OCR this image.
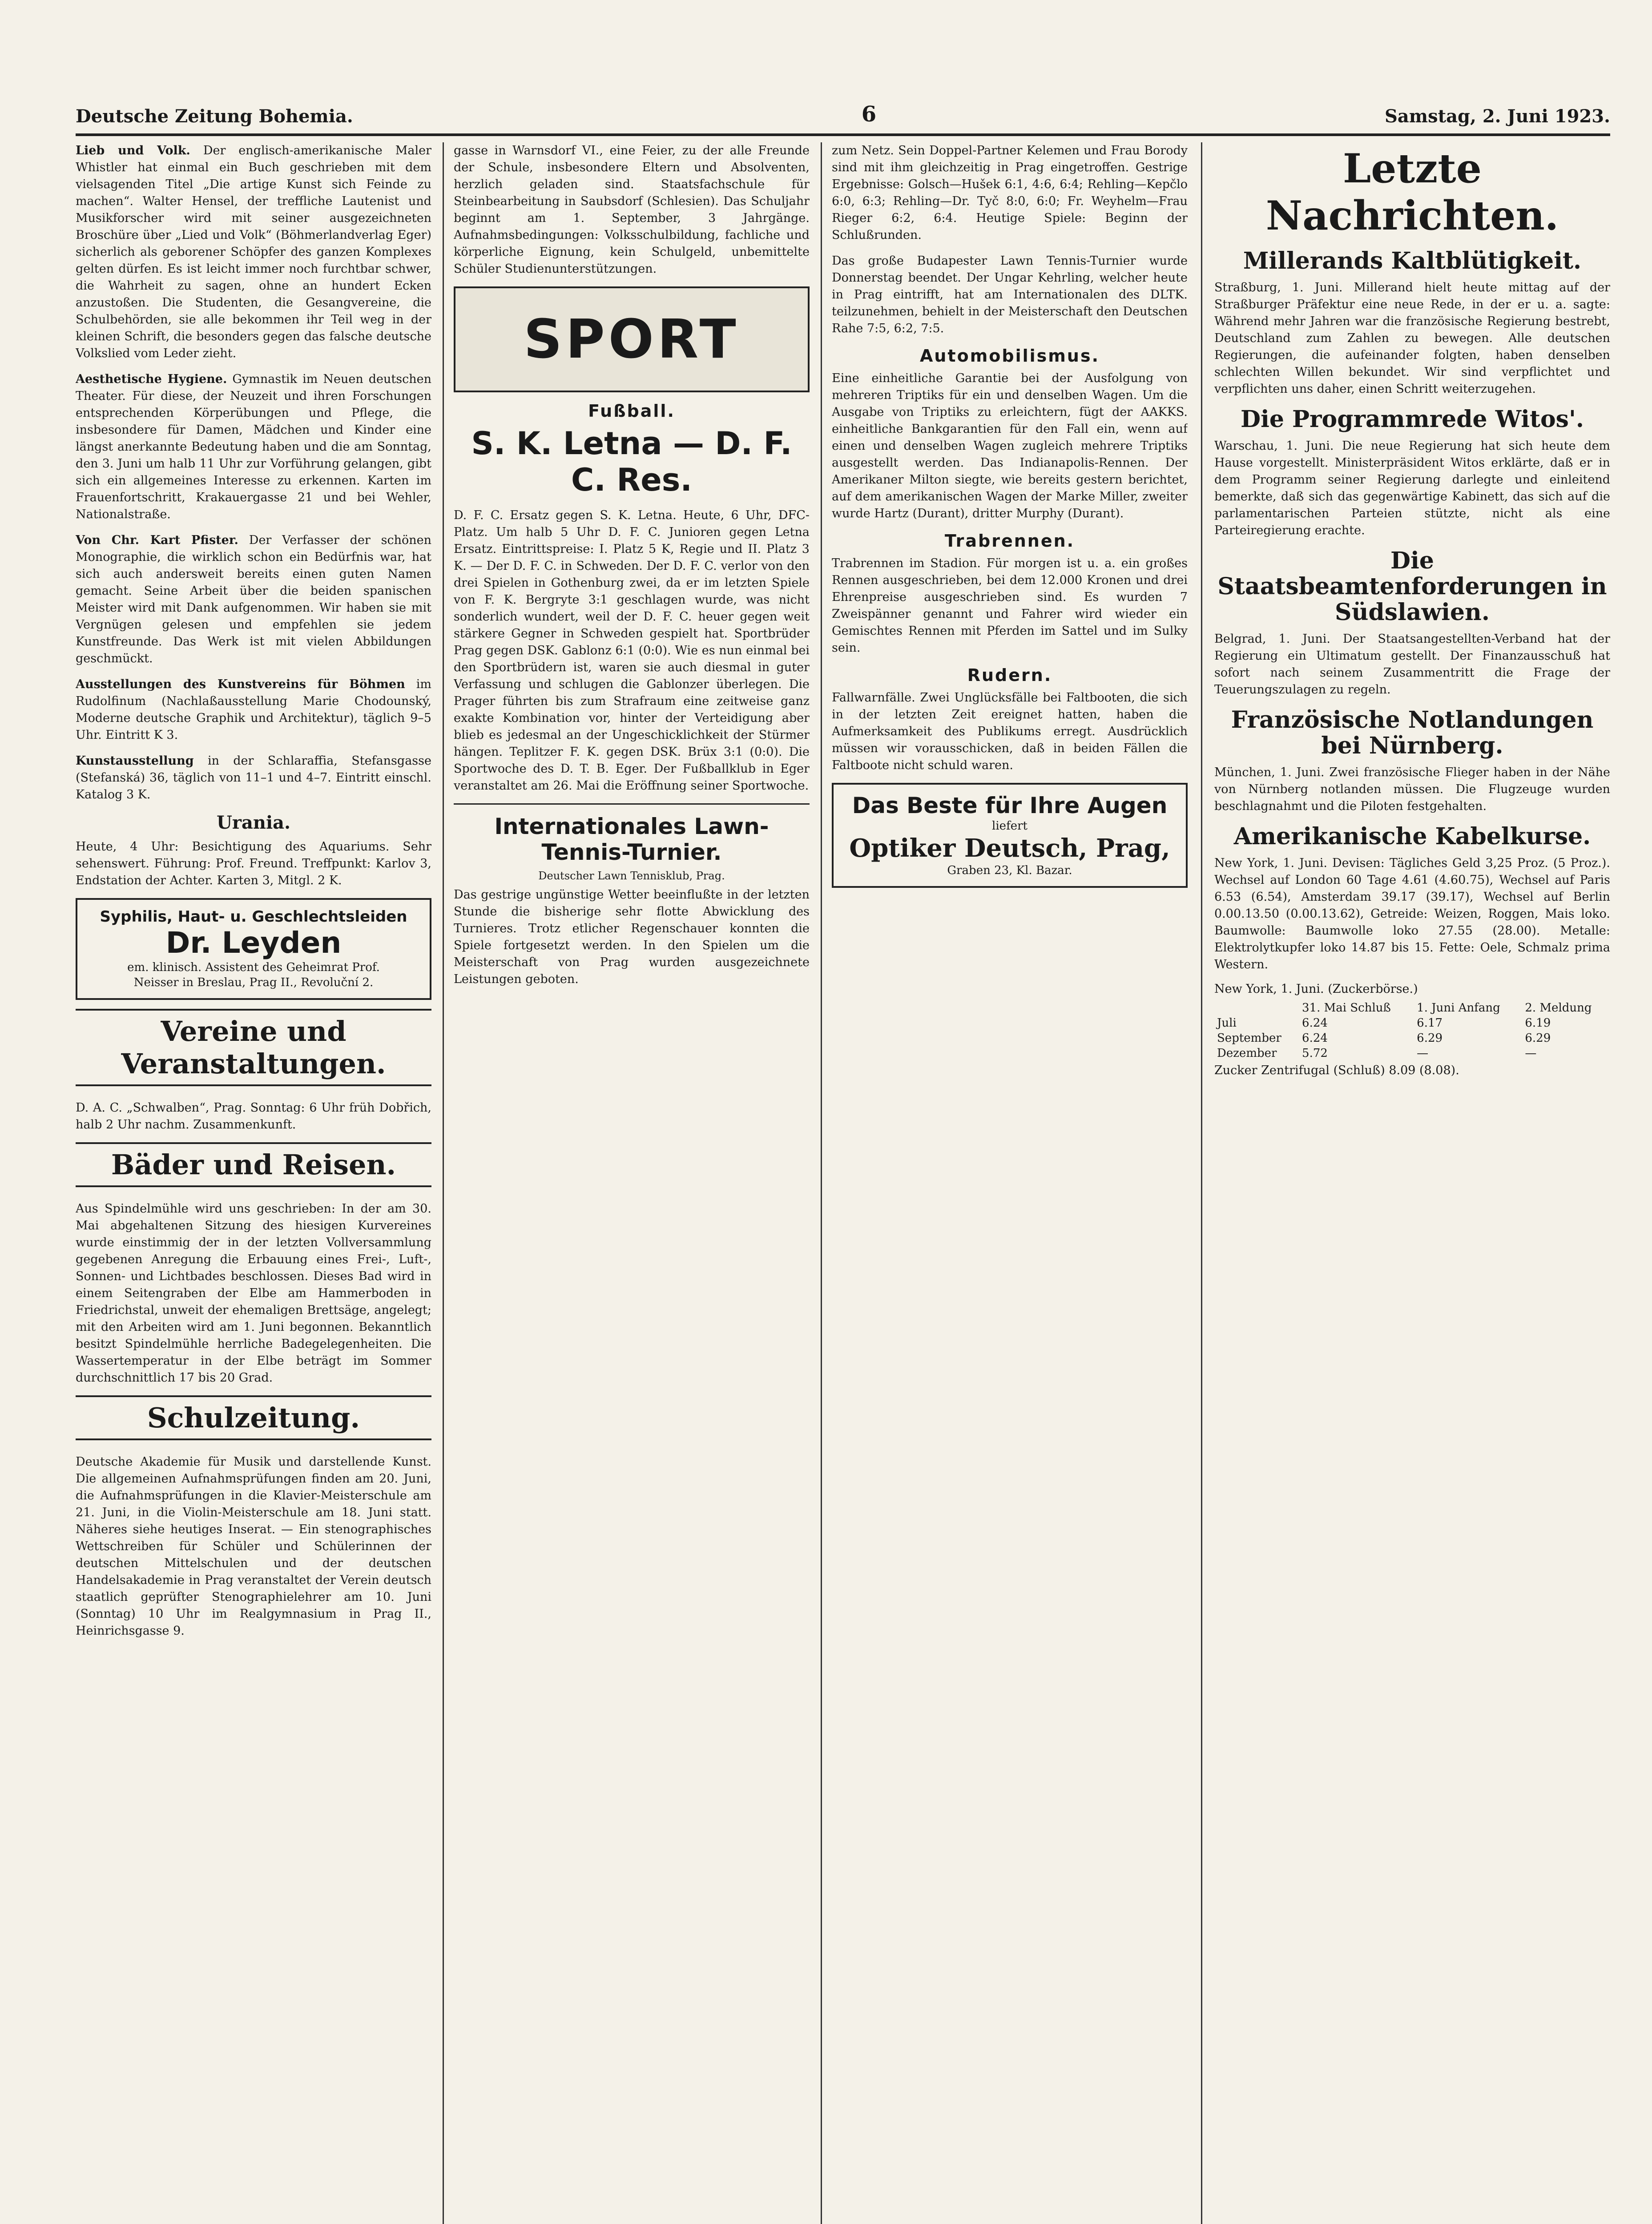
Deutsche Zeitung Bohemia.	6	Samstag, 2. Juni 1923.

Lieb und Volk. Der englisch-amerikanische Maler Whistler hat einmal ein Buch geschrieben mit dem vielsagenden Titel „Die artige Kunst sich Feinde zu machen“. Walter Hensel, der treffliche Lautenist und Musikforscher wird mit seiner ausgezeichneten Broschüre über „Lied und Volk“ (Böhmerlandverlag Eger) sicherlich als geborener Schöpfer des ganzen Komplexes gelten dürfen. Es ist leicht immer noch furchtbar schwer, die Wahrheit zu sagen, ohne an hundert Ecken anzustoßen. Die Studenten, die Gesangvereine, die Schulbehörden, sie alle bekommen ihr Teil weg in der kleinen Schrift, die besonders gegen das falsche deutsche Volkslied vom Leder zieht.

Aesthetische Hygiene. Gymnastik im Neuen deutschen Theater. Für diese, der Neuzeit und ihren Forschungen entsprechenden Körperübungen und Pflege, die insbesondere für Damen, Mädchen und Kinder eine längst anerkannte Bedeutung haben und die am Sonntag, den 3. Juni um halb 11 Uhr zur Vorführung gelangen, gibt sich ein allgemeines Interesse zu erkennen. Karten im Frauenfortschritt, Krakauergasse 21 und bei Wehler, Nationalstraße.

Von Chr. Kart Pfister. Der Verfasser der schönen Monographie, die wirklich schon ein Bedürfnis war, hat sich auch andersweit bereits einen guten Namen gemacht. Seine Arbeit über die beiden spanischen Meister wird mit Dank aufgenommen. Wir haben sie mit Vergnügen gelesen und empfehlen sie jedem Kunstfreunde. Das Werk ist mit vielen Abbildungen geschmückt.

Ausstellungen des Kunstvereins für Böhmen im Rudolfinum (Nachlaßausstellung Marie Chodounský, Moderne deutsche Graphik und Architektur), täglich 9–5 Uhr. Eintritt K 3.

Kunstausstellung in der Schlaraffia, Stefansgasse (Stefanská) 36, täglich von 11–1 und 4–7. Eintritt einschl. Katalog 3 K.

Urania.

Heute, 4 Uhr: Besichtigung des Aquariums. Sehr sehenswert. Führung: Prof. Freund. Treffpunkt: Karlov 3, Endstation der Achter. Karten 3, Mitgl. 2 K.

Syphilis, Haut- u. Geschlechtsleiden
Dr. Leyden
em. klinisch. Assistent des Geheimrat Prof.
Neisser in Breslau, Prag II., Revoluční 2.
Vereine und Veranstaltungen.

D. A. C. „Schwalben“, Prag. Sonntag: 6 Uhr früh Dobřich, halb 2 Uhr nachm. Zusammenkunft.

Bäder und Reisen.

Aus Spindelmühle wird uns geschrieben: In der am 30. Mai abgehaltenen Sitzung des hiesigen Kurvereines wurde einstimmig der in der letzten Vollversammlung gegebenen Anregung die Erbauung eines Frei-, Luft-, Sonnen- und Lichtbades beschlossen. Dieses Bad wird in einem Seitengraben der Elbe am Hammerboden in Friedrichstal, unweit der ehemaligen Brettsäge, angelegt; mit den Arbeiten wird am 1. Juni begonnen. Bekanntlich besitzt Spindelmühle herrliche Badegelegenheiten. Die Wassertemperatur in der Elbe beträgt im Sommer durchschnittlich 17 bis 20 Grad.

Schulzeitung.

Deutsche Akademie für Musik und darstellende Kunst. Die allgemeinen Aufnahmsprüfungen finden am 20. Juni, die Aufnahmsprüfungen in die Klavier-Meisterschule am 21. Juni, in die Violin-Meisterschule am 18. Juni statt. Näheres siehe heutiges Inserat. — Ein stenographisches Wettschreiben für Schüler und Schülerinnen der deutschen Mittelschulen und der deutschen Handelsakademie in Prag veranstaltet der Verein deutsch staatlich geprüfter Stenographielehrer am 10. Juni (Sonntag) 10 Uhr im Realgymnasium in Prag II., Heinrichsgasse 9.

gasse in Warnsdorf VI., eine Feier, zu der alle Freunde der Schule, insbesondere Eltern und Absolventen, herzlich geladen sind. Staatsfachschule für Steinbearbeitung in Saubsdorf (Schlesien). Das Schuljahr beginnt am 1. September, 3 Jahrgänge. Aufnahmsbedingungen: Volksschulbildung, fachliche und körperliche Eignung, kein Schulgeld, unbemittelte Schüler Studienunterstützungen.

SPORT
Fußball.
S. K. Letna — D. F. C. Res.

D. F. C. Ersatz gegen S. K. Letna. Heute, 6 Uhr, DFC-Platz. Um halb 5 Uhr D. F. C. Junioren gegen Letna Ersatz. Eintrittspreise: I. Platz 5 K, Regie und II. Platz 3 K. — Der D. F. C. in Schweden. Der D. F. C. verlor von den drei Spielen in Gothenburg zwei, da er im letzten Spiele von F. K. Bergryte 3:1 geschlagen wurde, was nicht sonderlich wundert, weil der D. F. C. heuer gegen weit stärkere Gegner in Schweden gespielt hat. Sportbrüder Prag gegen DSK. Gablonz 6:1 (0:0). Wie es nun einmal bei den Sportbrüdern ist, waren sie auch diesmal in guter Verfassung und schlugen die Gablonzer überlegen. Die Prager führten bis zum Strafraum eine zeitweise ganz exakte Kombination vor, hinter der Verteidigung aber blieb es jedesmal an der Ungeschicklichkeit der Stürmer hängen. Teplitzer F. K. gegen DSK. Brüx 3:1 (0:0). Die Sportwoche des D. T. B. Eger. Der Fußballklub in Eger veranstaltet am 26. Mai die Eröffnung seiner Sportwoche.

Internationales Lawn-Tennis-Turnier.
Deutscher Lawn Tennisklub, Prag.

Das gestrige ungünstige Wetter beeinflußte in der letzten Stunde die bisherige sehr flotte Abwicklung des Turnieres. Trotz etlicher Regenschauer konnten die Spiele fortgesetzt werden. In den Spielen um die Meisterschaft von Prag wurden ausgezeichnete Leistungen geboten.

zum Netz. Sein Doppel-Partner Kelemen und Frau Borody sind mit ihm gleichzeitig in Prag eingetroffen. Gestrige Ergebnisse: Golsch—Hušek 6:1, 4:6, 6:4; Rehling—Kepčlo 6:0, 6:3; Rehling—Dr. Tyč 8:0, 6:0; Fr. Weyhelm—Frau Rieger 6:2, 6:4. Heutige Spiele: Beginn der Schlußrunden.

Das große Budapester Lawn Tennis-Turnier wurde Donnerstag beendet. Der Ungar Kehrling, welcher heute in Prag eintrifft, hat am Internationalen des DLTK. teilzunehmen, behielt in der Meisterschaft den Deutschen Rahe 7:5, 6:2, 7:5.

Automobilismus.

Eine einheitliche Garantie bei der Ausfolgung von mehreren Triptiks für ein und denselben Wagen. Um die Ausgabe von Triptiks zu erleichtern, fügt der AAKKS. einheitliche Bankgarantien für den Fall ein, wenn auf einen und denselben Wagen zugleich mehrere Triptiks ausgestellt werden. Das Indianapolis-Rennen. Der Amerikaner Milton siegte, wie bereits gestern berichtet, auf dem amerikanischen Wagen der Marke Miller, zweiter wurde Hartz (Durant), dritter Murphy (Durant).

Trabrennen.

Trabrennen im Stadion. Für morgen ist u. a. ein großes Rennen ausgeschrieben, bei dem 12.000 Kronen und drei Ehrenpreise ausgeschrieben sind. Es wurden 7 Zweispänner genannt und Fahrer wird wieder ein Gemischtes Rennen mit Pferden im Sattel und im Sulky sein.

Rudern.

Fallwarnfälle. Zwei Unglücksfälle bei Faltbooten, die sich in der letzten Zeit ereignet hatten, haben die Aufmerksamkeit des Publikums erregt. Ausdrücklich müssen wir vorausschicken, daß in beiden Fällen die Faltboote nicht schuld waren.

Das Beste für Ihre Augen
liefert
Optiker Deutsch, Prag,
Graben 23, Kl. Bazar.
Letzte Nachrichten.
Millerands Kaltblütigkeit.

Straßburg, 1. Juni. Millerand hielt heute mittag auf der Straßburger Präfektur eine neue Rede, in der er u. a. sagte: Während mehr Jahren war die französische Regierung bestrebt, Deutschland zum Zahlen zu bewegen. Alle deutschen Regierungen, die aufeinander folgten, haben denselben schlechten Willen bekundet. Wir sind verpflichtet und verpflichten uns daher, einen Schritt weiterzugehen.

Die Programmrede Witos'.

Warschau, 1. Juni. Die neue Regierung hat sich heute dem Hause vorgestellt. Ministerpräsident Witos erklärte, daß er in dem Programm seiner Regierung darlegte und einleitend bemerkte, daß sich das gegenwärtige Kabinett, das sich auf die parlamentarischen Parteien stützte, nicht als eine Parteiregierung erachte.

Die Staatsbeamtenforderungen in Südslawien.

Belgrad, 1. Juni. Der Staatsangestellten-Verband hat der Regierung ein Ultimatum gestellt. Der Finanzausschuß hat sofort nach seinem Zusammentritt die Frage der Teuerungszulagen zu regeln.

Französische Notlandungen bei Nürnberg.

München, 1. Juni. Zwei französische Flieger haben in der Nähe von Nürnberg notlanden müssen. Die Flugzeuge wurden beschlagnahmt und die Piloten festgehalten.

Amerikanische Kabelkurse.

New York, 1. Juni. Devisen: Tägliches Geld 3,25 Proz. (5 Proz.). Wechsel auf London 60 Tage 4.61 (4.60.75), Wechsel auf Paris 6.53 (6.54), Amsterdam 39.17 (39.17), Wechsel auf Berlin 0.00.13.50 (0.00.13.62), Getreide: Weizen, Roggen, Mais loko. Baumwolle: Baumwolle loko 27.55 (28.00). Metalle: Elektrolytkupfer loko 14.87 bis 15. Fette: Oele, Schmalz prima Western.

New York, 1. Juni. (Zuckerbörse.)
	31. Mai Schluß	1. Juni Anfang	2. Meldung
Juli	6.24	6.17	6.19
September	6.24	6.29	6.29
Dezember	5.72	—	—
Zucker Zentrifugal (Schluß) 8.09 (8.08).
